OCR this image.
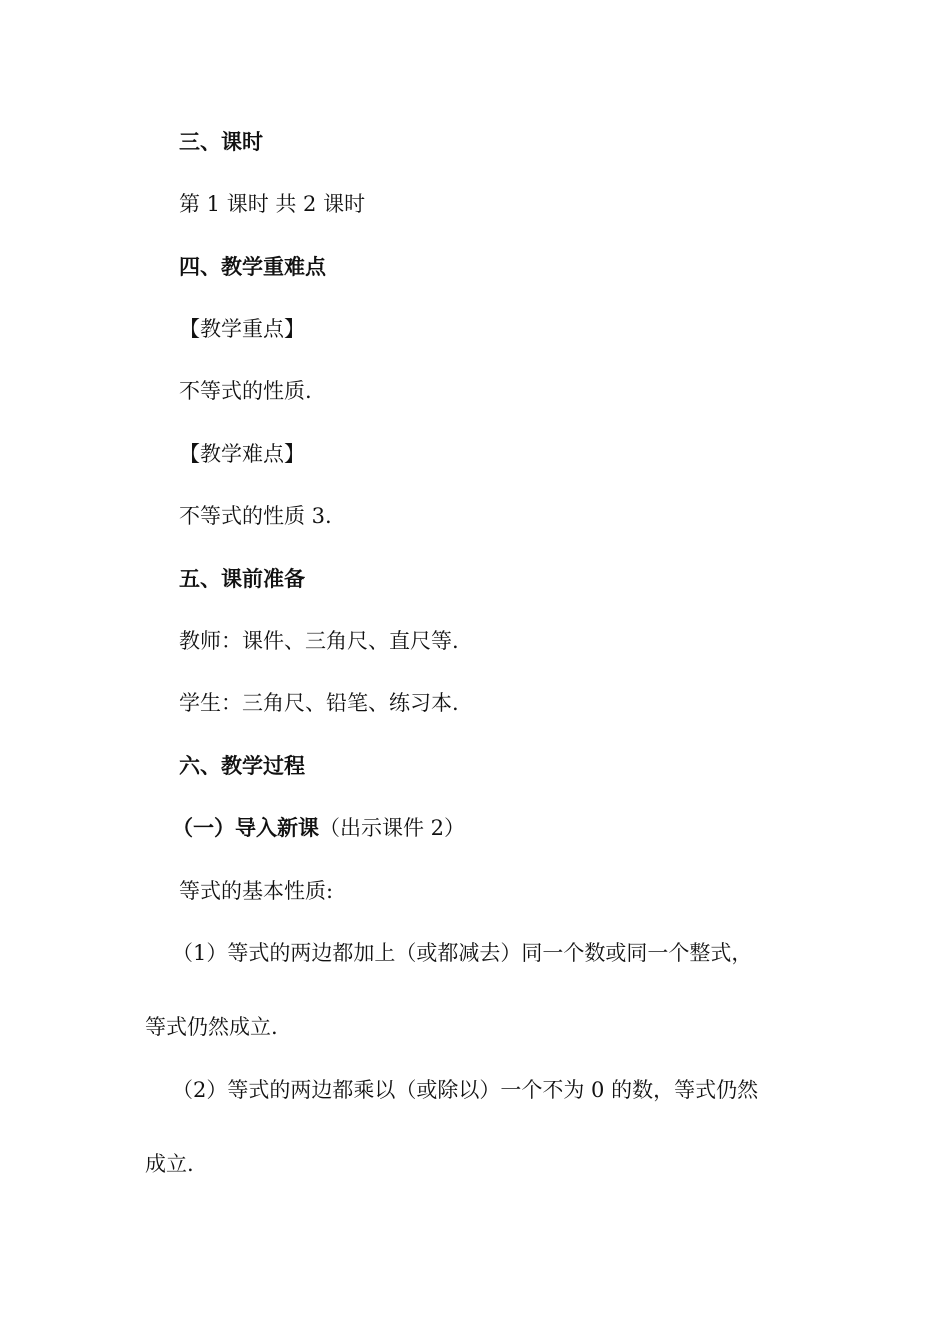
三、课时
第 1 课时 共 2 课时
四、教学重难点
【教学重点】
不等式的性质.
【教学难点】
不等式的性质 3.
五、课前准备
教师：课件、三角尺、直尺等.
学生：三角尺、铅笔、练习本.
六、教学过程
（一）导入新课（出示课件 2）
等式的基本性质:
（1）等式的两边都加上（或都减去）同一个数或同一个整式，
等式仍然成立.
（2）等式的两边都乘以（或除以）一个不为 0 的数，等式仍然
成立.
